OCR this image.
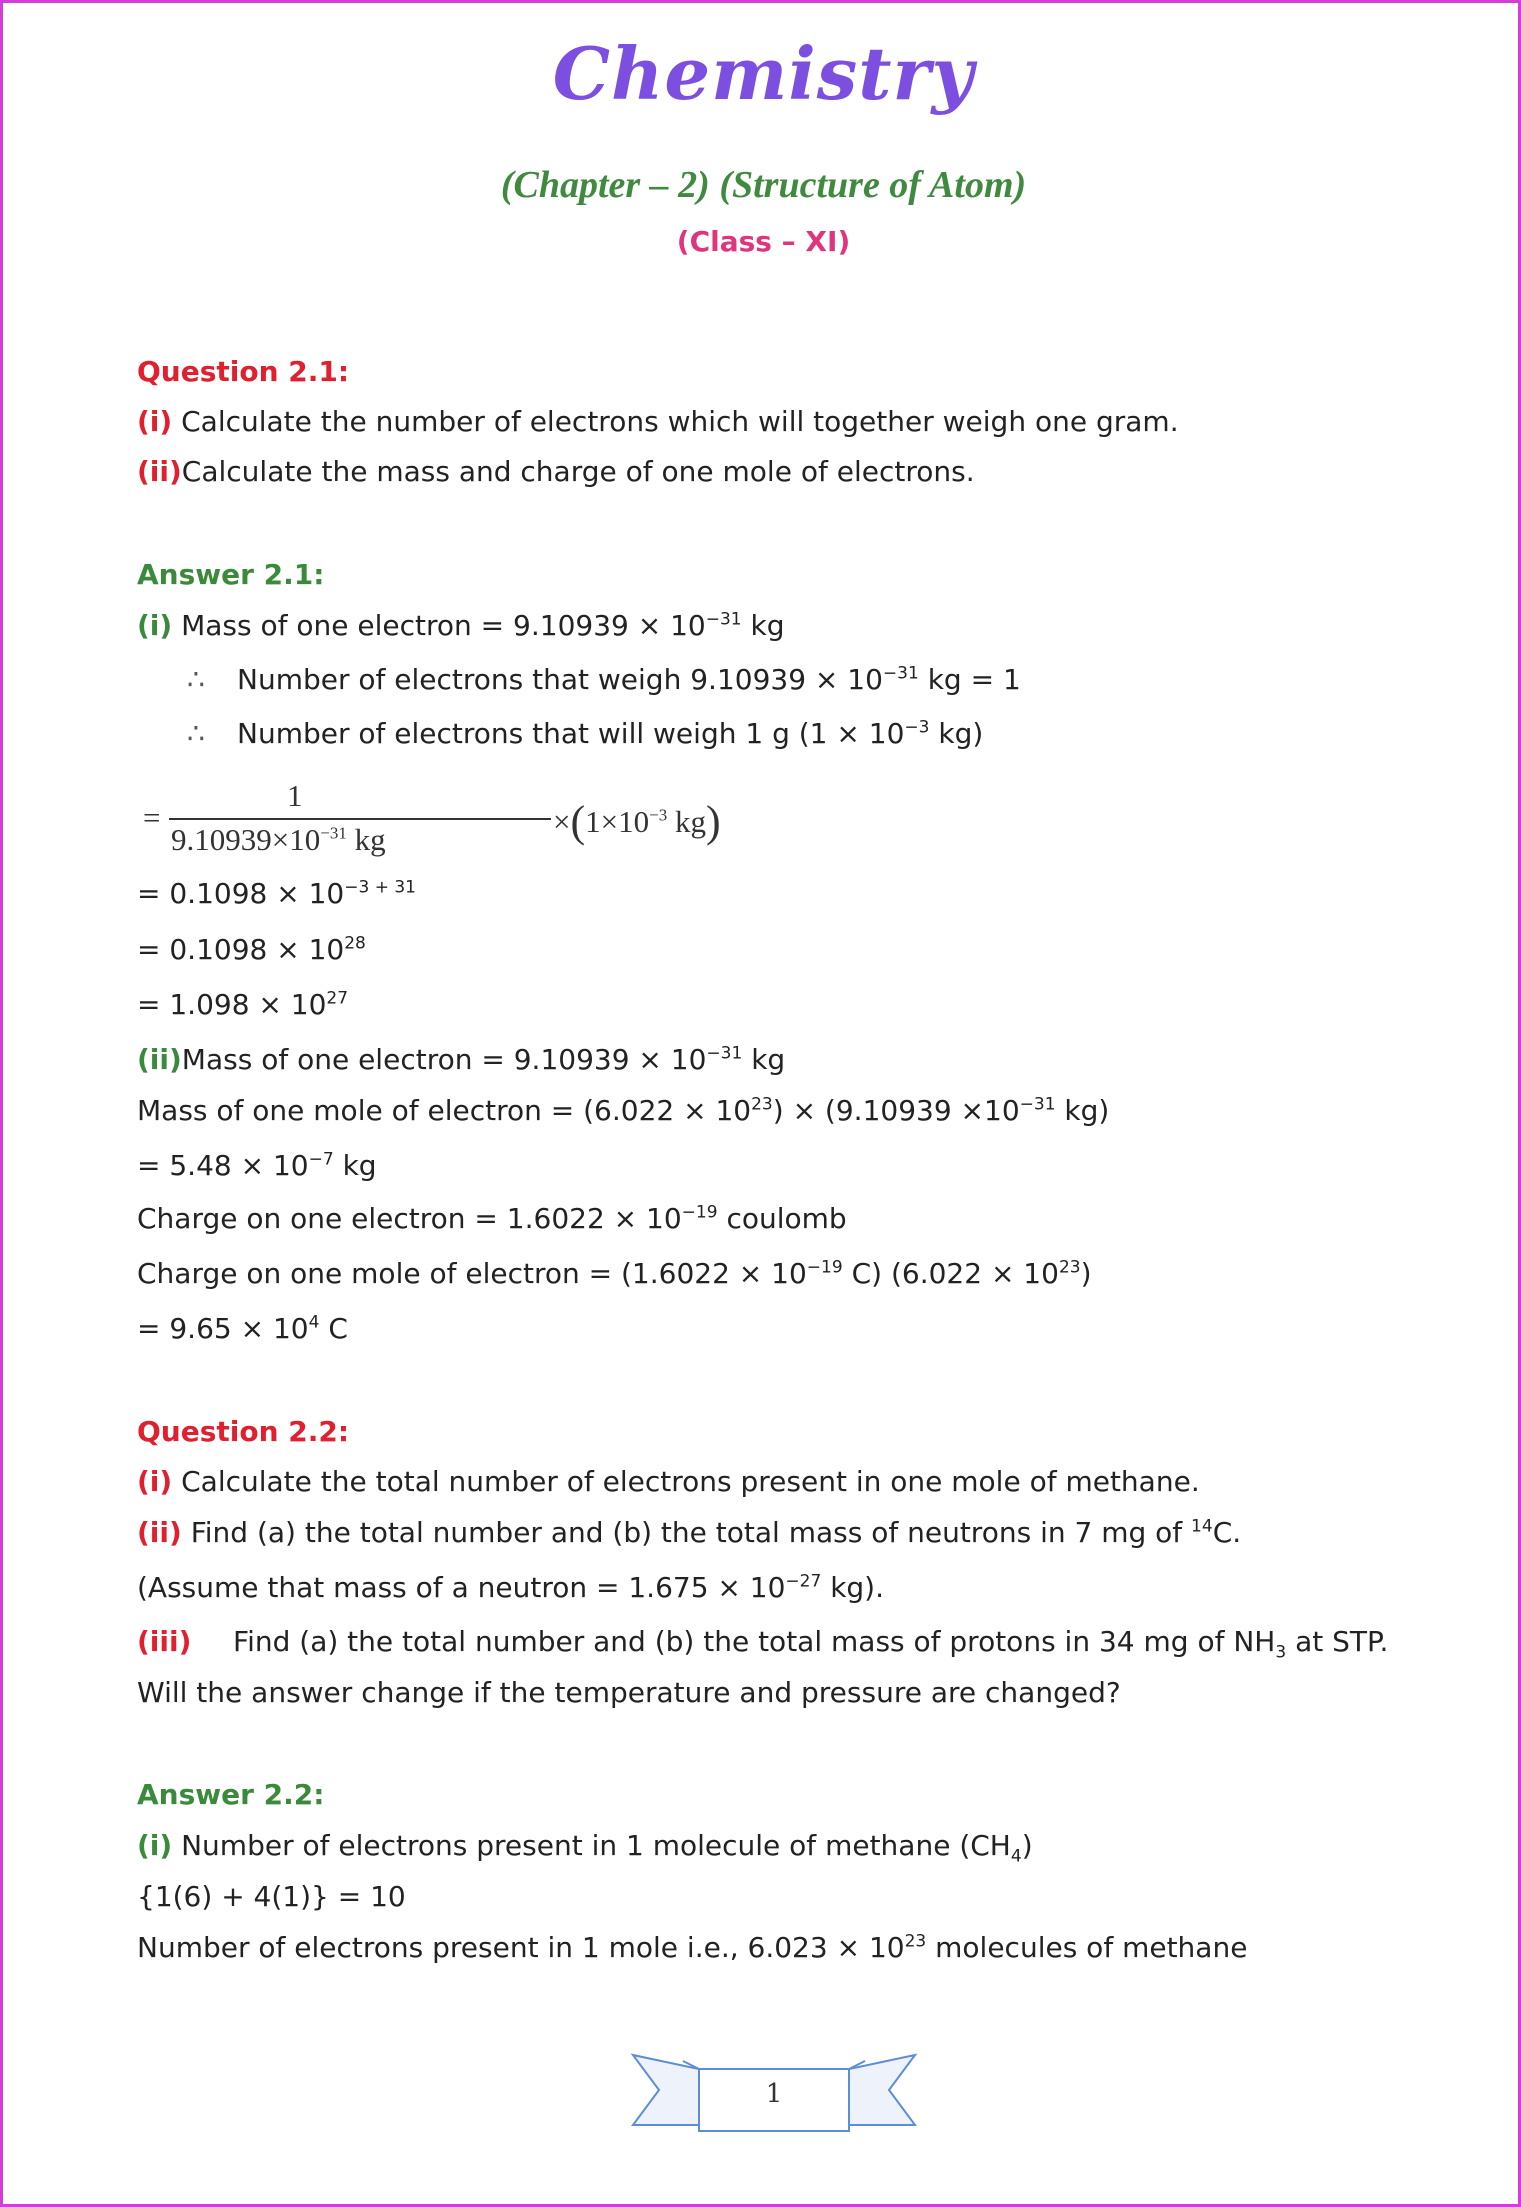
Chemistry
(Chapter – 2) (Structure of Atom)
(Class – XI)
Question 2.1:
(i) Calculate the number of electrons which will together weigh one gram.
(ii)Calculate the mass and charge of one mole of electrons.
Answer 2.1:
(i) Mass of one electron = $9.10939 \times 10^{-31}$ kg
∴ Number of electrons that weigh $9.10939 \times 10^{-31}$ kg = 1
∴ Number of electrons that will weigh 1 g ($1 \times 10^{-3}$ kg)
=
1
$9.10939\times 10^{-31}$ kg
$\times(1\times 10^{-3}$ kg)
= $0.1098 \times 10^{-3 + 31}$
= $0.1098 \times 10^{28}$
= $1.098 \times 10^{27}$
(ii)Mass of one electron = $9.10939 \times 10^{-31}$ kg
Mass of one mole of electron = $(6.022 \times 10^{23}) \times (9.10939 \times 10^{-31}$ kg)
= $5.48 \times 10^{-7}$ kg
Charge on one electron = $1.6022 \times 10^{-19}$ coulomb
Charge on one mole of electron = ($1.6022 \times 10^{-19}$ C) $(6.022 \times 10^{23})$
= $9.65 \times 10^4$ C
Question 2.2:
(i) Calculate the total number of electrons present in one mole of methane.
(ii) Find (a) the total number and (b) the total mass of neutrons in 7 mg of $^{14}$C.
(Assume that mass of a neutron = $1.675 \times 10^{-27}$ kg).
(iii) Find (a) the total number and (b) the total mass of protons in 34 mg of $NH_3$ at STP.
Will the answer change if the temperature and pressure are changed?
Answer 2.2:
(i) Number of electrons present in 1 molecule of methane $(CH_4)$
{1(6) + 4(1)} = 10
Number of electrons present in 1 mole i.e., $6.023 \times 10^{23}$ molecules of methane
1
